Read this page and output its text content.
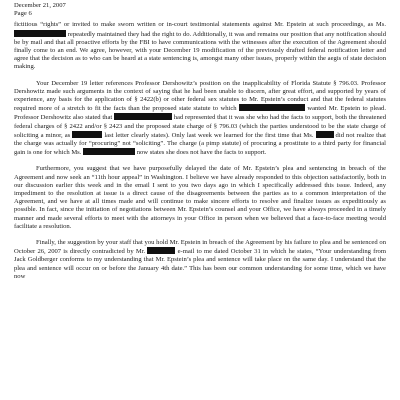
December 21, 2007
Page 6

fictitious “rights” or invited to make sworn written or in-court testimonial statements against Mr. Epstein at such proceedings, as Ms.  repeatedly maintained they had the right to do. Additionally, it was and remains our position that any notification should be by mail and that all proactive efforts by the FBI to have communications with the witnesses after the execution of the Agreement should finally come to an end. We agree, however, with your December 19 modification of the previously drafted federal notification letter and agree that the decision as to who can be heard at a state sentencing is, amongst many other issues, properly within the aegis of state decision making.

Your December 19 letter references Professor Dershowitz’s position on the inapplicability of Florida Statute § 796.03. Professor Dershowitz made such arguments in the context of saying that he had been unable to discern, after great effort, and supported by years of experience, any basis for the application of § 2422(b) or other federal sex statutes to Mr. Epstein’s conduct and that the federal statutes required more of a stretch to fit the facts than the proposed state statute to which	wanted Mr. Epstein to plead. Professor Dershowitz also stated that	had represented that it was she who had the facts to support, both the threatened federal charges of § 2422 and/or § 2423 and the proposed state charge of § 796.03 (which the parties understood to be the state charge of soliciting a minor, as	last letter clearly states). Only last week we learned for the first time that Ms.	did not realize that the charge was actually for “procuring” not “soliciting”. The charge (a pimp statute) of procuring a prostitute to a third party for financial gain is one for which Ms.	now states she does not have the facts to support.

Furthermore, you suggest that we have purposefully delayed the date of Mr. Epstein’s plea and sentencing in breach of the Agreement and now seek an “11th hour appeal” in Washington. I believe we have already responded to this objection satisfactorily, both in our discussion earlier this week and in the email I sent to you two days ago in which I specifically addressed this issue. Indeed, any impediment to the resolution at issue is a direct cause of the disagreements between the parties as to a common interpretation of the Agreement, and we have at all times made and will continue to make sincere efforts to resolve and finalize issues as expeditiously as possible. In fact, since the initiation of negotiations between Mr. Epstein’s counsel and your Office, we have always proceeded in a timely manner and made several efforts to meet with the attorneys in your Office in person when we believed that a face-to-face meeting would facilitate a resolution.

Finally, the suggestion by your staff that you hold Mr. Epstein in breach of the Agreement by his failure to plea and be sentenced on October 26, 2007 is directly contradicted by Mr.	e-mail to me dated October 31 in which he states, “Your understanding from Jack Goldberger conforms to my understanding that Mr. Epstein’s plea and sentence will take place on the same day. I understand that the plea and sentence will occur on or before the January 4th date.” This has been our common understanding for some time, which we have now
